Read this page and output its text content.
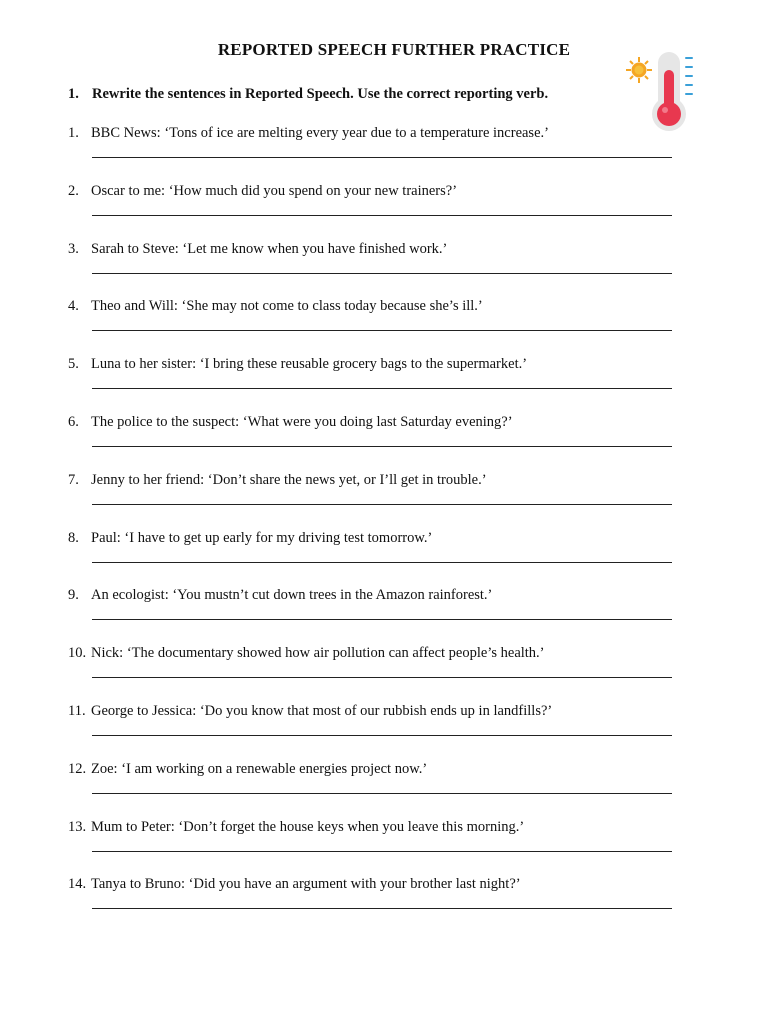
REPORTED SPEECH FURTHER PRACTICE
1. Rewrite the sentences in Reported Speech. Use the correct reporting verb.
1. BBC News: ‘Tons of ice are melting every year due to a temperature increase.’
2. Oscar to me: ‘How much did you spend on your new trainers?’
3. Sarah to Steve: ‘Let me know when you have finished work.’
4. Theo and Will: ‘She may not come to class today because she’s ill.’
5. Luna to her sister: ‘I bring these reusable grocery bags to the supermarket.’
6. The police to the suspect: ‘What were you doing last Saturday evening?’
7. Jenny to her friend: ‘Don’t share the news yet, or I’ll get in trouble.’
8. Paul: ‘I have to get up early for my driving test tomorrow.’
9. An ecologist: ‘You mustn’t cut down trees in the Amazon rainforest.’
10. Nick: ‘The documentary showed how air pollution can affect people’s health.’
11. George to Jessica: ‘Do you know that most of our rubbish ends up in landfills?’
12. Zoe: ‘I am working on a renewable energies project now.’
13. Mum to Peter: ‘Don’t forget the house keys when you leave this morning.’
14. Tanya to Bruno: ‘Did you have an argument with your brother last night?’
